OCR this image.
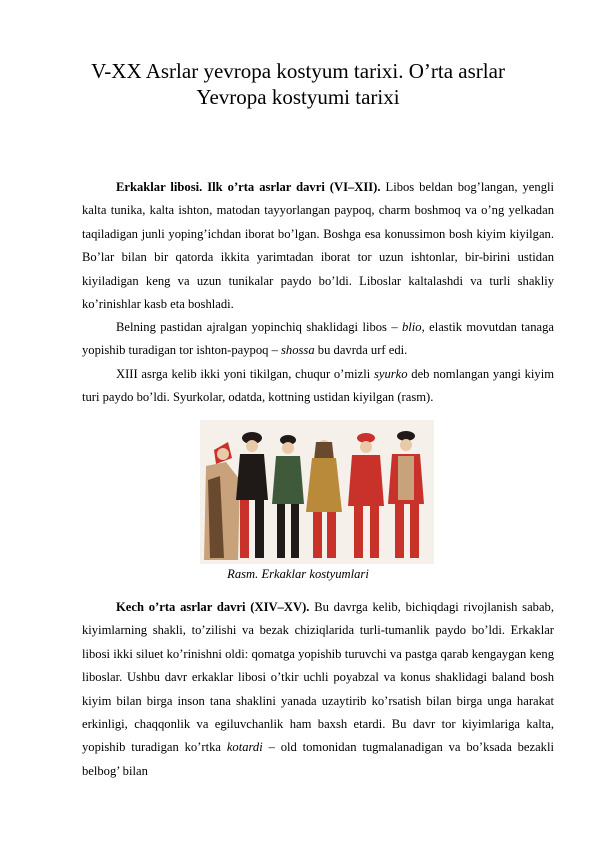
V-XX Asrlar yevropa kostyum tarixi. O’rta asrlar Yevropa kostyumi tarixi

Erkaklar libosi. Ilk o’rta asrlar davri (VI–XII). Libos beldan bog’langan, yengli kalta tunika, kalta ishton, matodan tayyorlangan paypoq, charm boshmoq va o’ng yelkadan taqiladigan junli yoping’ichdan iborat bo’lgan. Boshga esa konussimon bosh kiyim kiyilgan. Bo’lar bilan bir qatorda ikkita yarimtadan iborat tor uzun ishtonlar, bir-birini ustidan kiyiladigan keng va uzun tunikalar paydo bo’ldi. Liboslar kaltalashdi va turli shakliy ko’rinishlar kasb eta boshladi.

Belning pastidan ajralgan yopinchiq shaklidagi libos – blio, elastik movutdan tanaga yopishib turadigan tor ishton-paypoq – shossa bu davrda urf edi.

XIII asrga kelib ikki yoni tikilgan, chuqur o’mizli syurko deb nomlangan yangi kiyim turi paydo bo’ldi. Syurkolar, odatda, kottning ustidan kiyilgan (rasm).

Rasm. Erkaklar kostyumlari

Kech o’rta asrlar davri (XIV–XV). Bu davrga kelib, bichiqdagi rivojlanish sabab, kiyimlarning shakli, to’zilishi va bezak chiziqlarida turli-tumanlik paydo bo’ldi. Erkaklar libosi ikki siluet ko’rinishni oldi: qomatga yopishib turuvchi va pastga qarab kengaygan keng liboslar. Ushbu davr erkaklar libosi o’tkir uchli poyabzal va konus shaklidagi baland bosh kiyim bilan birga inson tana shaklini yanada uzaytirib ko’rsatish bilan birga unga harakat erkinligi, chaqqonlik va egiluvchanlik ham baxsh etardi. Bu davr tor kiyimlariga kalta, yopishib turadigan ko’rtka kotardi – old tomonidan tugmalanadigan va bo’ksada bezakli belbog’ bilan
